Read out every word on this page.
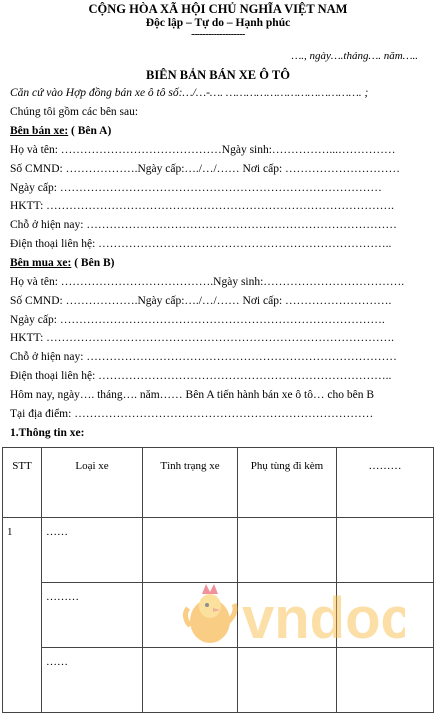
CỘNG HÒA XÃ HỘI CHỦ NGHĨA VIỆT NAM
Độc lập – Tự do – Hạnh phúc
-------------------
…., ngày….tháng…. năm…..
BIÊN BẢN BÁN XE Ô TÔ
Căn cứ vào Hợp đồng bán xe ô tô số:…/…-…. …………………………………. ;
Chúng tôi gồm các bên sau:
Bên bán xe: ( Bên A)
Họ và tên: ……………………………………Ngày sinh:……………...……………
Số CMND: ……………….Ngày cấp:…./…/…… Nơi cấp: …………………………
Ngày cấp: …………………………………………………………………………
HKTT: ……………………………………………………………………………….
Chỗ ở hiện nay: ………………………………………………………………………
Điện thoại liên hệ: …………………………………………………………………..
Bên mua xe: ( Bên B)
Họ và tên: ………………………………….Ngày sinh:……………………………….
Số CMND: ……………….Ngày cấp:…./…/…… Nơi cấp: ……………………….
Ngày cấp: ………………………………………………………………………….
HKTT: ……………………………………………………………………………….
Chỗ ở hiện nay: ………………………………………………………………………
Điện thoại liên hệ: …………………………………………………………………..
Hôm nay, ngày…. tháng…. năm…… Bên A tiến hành bán xe ô tô… cho bên B
Tại địa điểm: ……………………………………………………………………
1.Thông tin xe:
STT	Loại xe	Tình trạng xe	Phụ tùng đi kèm	………
1	……			
	………			
	……			
vndoc
